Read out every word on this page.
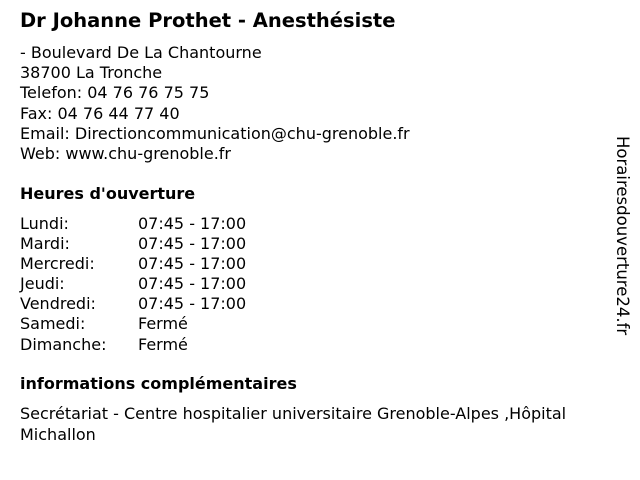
Dr Johanne Prothet - Anesthésiste
- Boulevard De La Chantourne
38700 La Tronche
Telefon: 04 76 76 75 75
Fax: 04 76 44 77 40
Email: Directioncommunication@chu-grenoble.fr
Web: www.chu-grenoble.fr
Heures d'ouverture
Lundi:	07:45 - 17:00
Mardi:	07:45 - 17:00
Mercredi:	07:45 - 17:00
Jeudi:	07:45 - 17:00
Vendredi:	07:45 - 17:00
Samedi:	Fermé
Dimanche: Fermé
informations complémentaires
Secrétariat - Centre hospitalier universitaire Grenoble-Alpes ,Hôpital Michallon
Horairesdouverture24.fr
